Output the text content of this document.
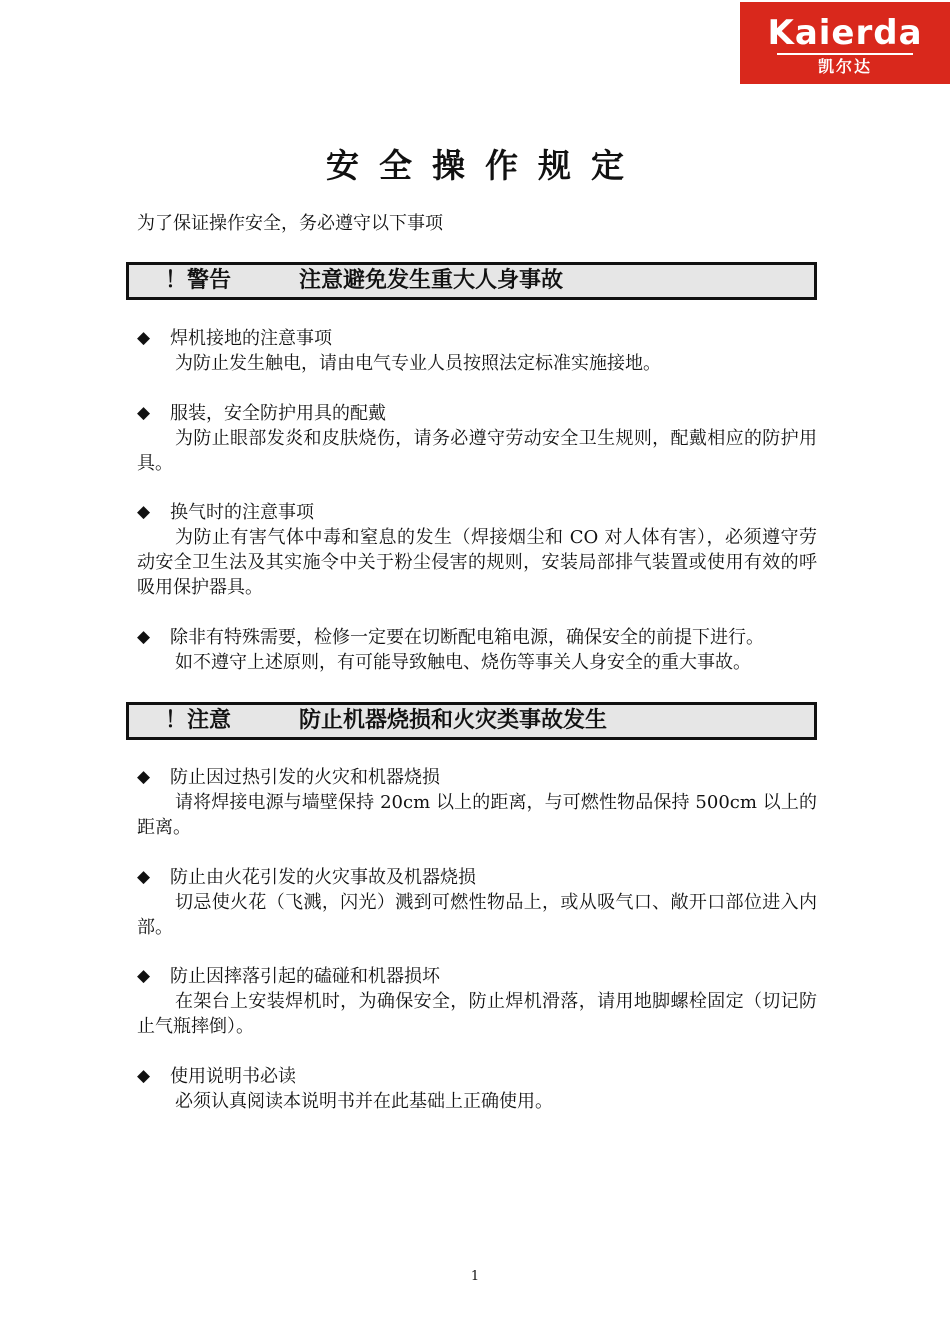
Kaierda
凯尔达
安全操作规定
为了保证操作安全，务必遵守以下事项
！警告	注意避免发生重大人身事故
◆ 焊机接地的注意事项
为防止发生触电，请由电气专业人员按照法定标准实施接地。
◆ 服装，安全防护用具的配戴
为防止眼部发炎和皮肤烧伤，请务必遵守劳动安全卫生规则，配戴相应的防护用具。
◆ 换气时的注意事项
为防止有害气体中毒和窒息的发生（焊接烟尘和 CO 对人体有害），必须遵守劳动安全卫生法及其实施令中关于粉尘侵害的规则，安装局部排气装置或使用有效的呼吸用保护器具。
◆ 除非有特殊需要，检修一定要在切断配电箱电源，确保安全的前提下进行。
如不遵守上述原则，有可能导致触电、烧伤等事关人身安全的重大事故。
！注意	防止机器烧损和火灾类事故发生
◆ 防止因过热引发的火灾和机器烧损
请将焊接电源与墙壁保持 20cm 以上的距离，与可燃性物品保持 500cm 以上的距离。
◆ 防止由火花引发的火灾事故及机器烧损
切忌使火花（飞溅，闪光）溅到可燃性物品上，或从吸气口、敞开口部位进入内部。
◆ 防止因摔落引起的磕碰和机器损坏
在架台上安装焊机时，为确保安全，防止焊机滑落，请用地脚螺栓固定（切记防止气瓶摔倒）。
◆ 使用说明书必读
必须认真阅读本说明书并在此基础上正确使用。
1
